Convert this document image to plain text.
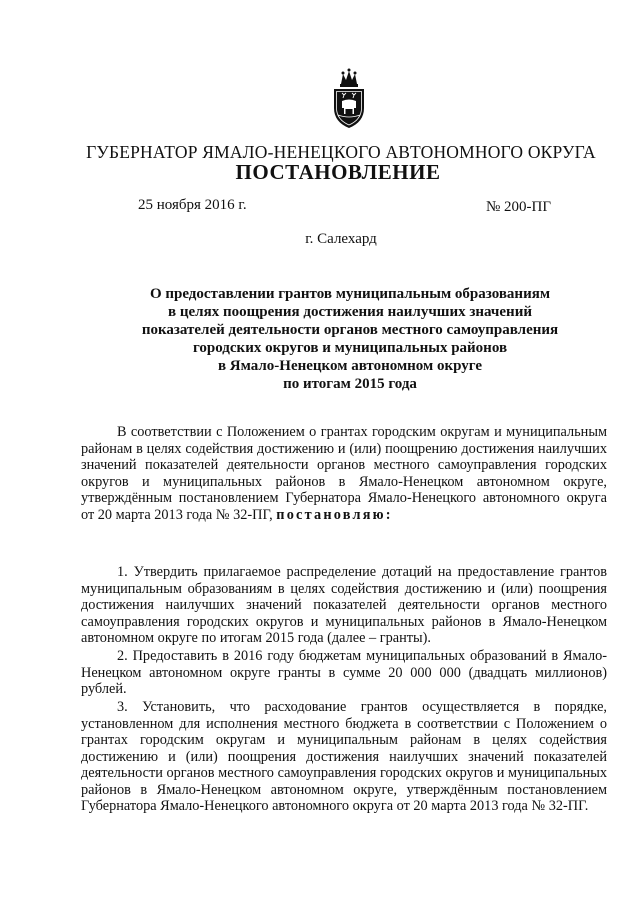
ГУБЕРНАТОР ЯМАЛО-НЕНЕЦКОГО АВТОНОМНОГО ОКРУГА
ПОСТАНОВЛЕНИЕ
25 ноября 2016 г.	№ 200-ПГ
г. Салехард
О предоставлении грантов муниципальным образованиям
в целях поощрения достижения наилучших значений
показателей деятельности органов местного самоуправления
городских округов и муниципальных районов
в Ямало-Ненецком автономном округе
по итогам 2015 года
В соответствии с Положением о грантах городским округам и муниципальным районам в целях содействия достижению и (или) поощрению достижения наилучших значений показателей деятельности органов местного самоуправления городских округов и муниципальных районов в Ямало-Ненецком автономном округе, утверждённым постановлением Губернатора Ямало-Ненецкого автономного округа от 20 марта 2013 года № 32-ПГ, постановляю:
1. Утвердить прилагаемое распределение дотаций на предоставление грантов муниципальным образованиям в целях содействия достижению и (или) поощрения достижения наилучших значений показателей деятельности органов местного самоуправления городских округов и муниципальных районов в Ямало-Ненецком автономном округе по итогам 2015 года (далее – гранты).
2. Предоставить в 2016 году бюджетам муниципальных образований в Ямало-Ненецком автономном округе гранты в сумме 20 000 000 (двадцать миллионов) рублей.
3. Установить, что расходование грантов осуществляется в порядке, установленном для исполнения местного бюджета в соответствии с Положением о грантах городским округам и муниципальным районам в целях содействия достижению и (или) поощрения достижения наилучших значений показателей деятельности органов местного самоуправления городских округов и муниципальных районов в Ямало-Ненецком автономном округе, утверждённым постановлением Губернатора Ямало-Ненецкого автономного округа от 20 марта 2013 года № 32-ПГ.
